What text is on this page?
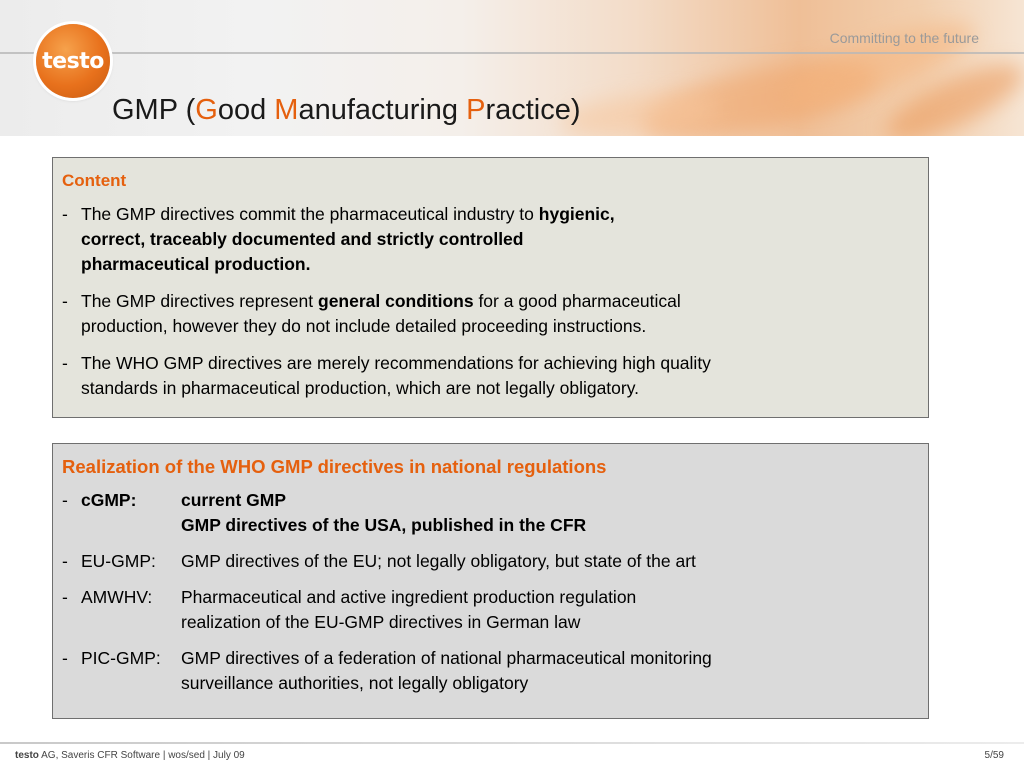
testo
Committing to the future
GMP (Good Manufacturing Practice)
Content
- The GMP directives commit the pharmaceutical industry to hygienic,
correct, traceably documented and strictly controlled
pharmaceutical production.
- The GMP directives represent general conditions for a good pharmaceutical
production, however they do not include detailed proceeding instructions.
- The WHO GMP directives are merely recommendations for achieving high quality
standards in pharmaceutical production, which are not legally obligatory.
Realization of the WHO GMP directives in national regulations
- cGMP:	current GMP
GMP directives of the USA, published in the CFR
- EU-GMP:	GMP directives of the EU; not legally obligatory, but state of the art
- AMWHV:	Pharmaceutical and active ingredient production regulation
realization of the EU-GMP directives in German law
- PIC-GMP:	GMP directives of a federation of national pharmaceutical monitoring
surveillance authorities, not legally obligatory
testo AG, Saveris CFR Software | wos/sed | July 09	5/59
